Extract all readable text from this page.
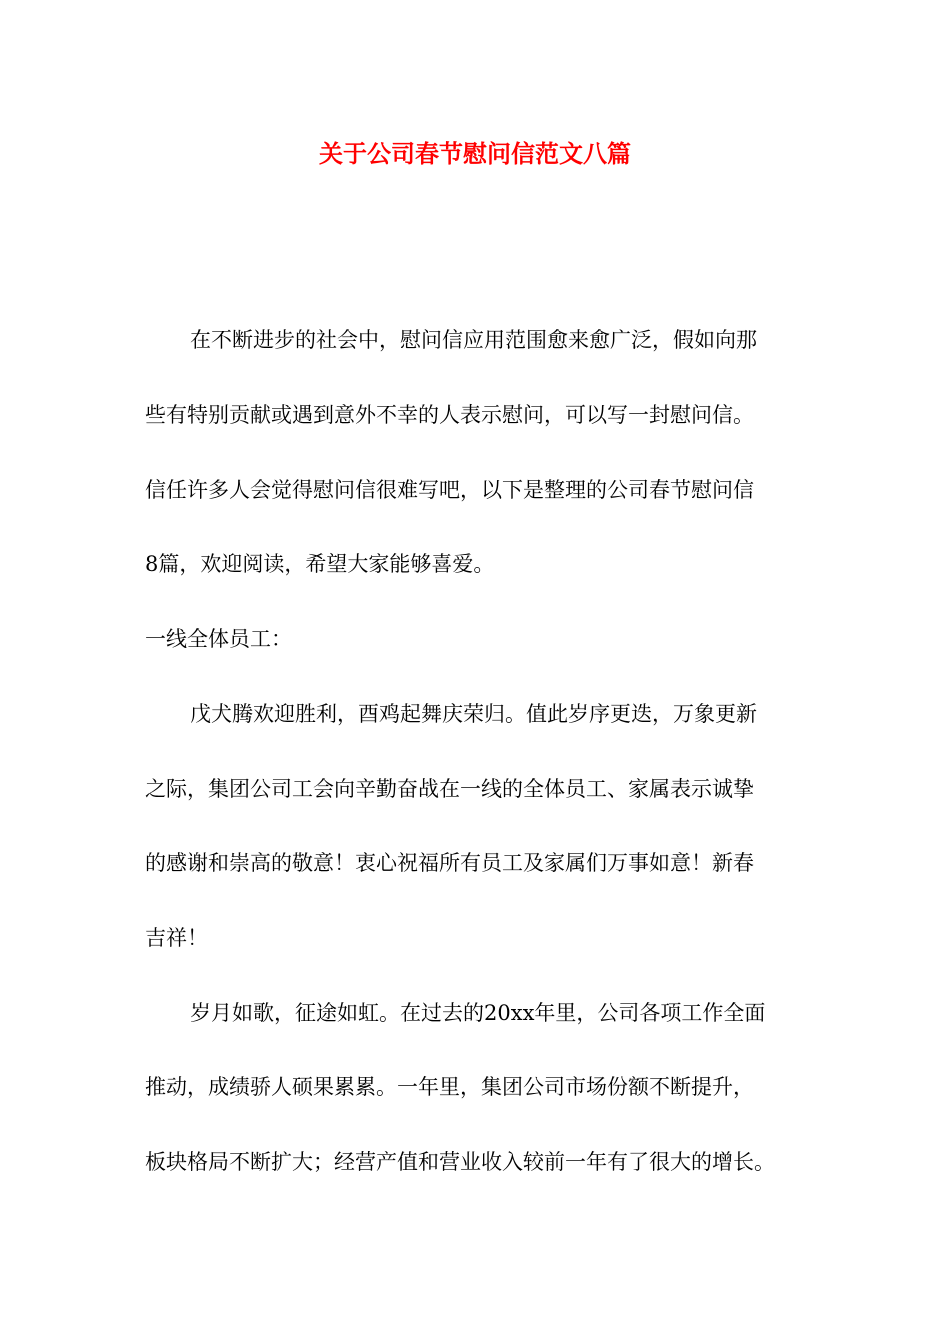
关于公司春节慰问信范文八篇

在不断进步的社会中，慰问信应用范围愈来愈广泛，假如向那

些有特别贡献或遇到意外不幸的人表示慰问，可以写一封慰问信。

信任许多人会觉得慰问信很难写吧，以下是整理的公司春节慰问信

8篇，欢迎阅读，希望大家能够喜爱。

一线全体员工：

戊犬腾欢迎胜利，酉鸡起舞庆荣归。值此岁序更迭，万象更新

之际，集团公司工会向辛勤奋战在一线的全体员工、家属表示诚挚

的感谢和崇高的敬意！衷心祝福所有员工及家属们万事如意！新春

吉祥！

岁月如歌，征途如虹。在过去的20xx年里，公司各项工作全面

推动，成绩骄人硕果累累。一年里，集团公司市场份额不断提升，

板块格局不断扩大；经营产值和营业收入较前一年有了很大的增长。
